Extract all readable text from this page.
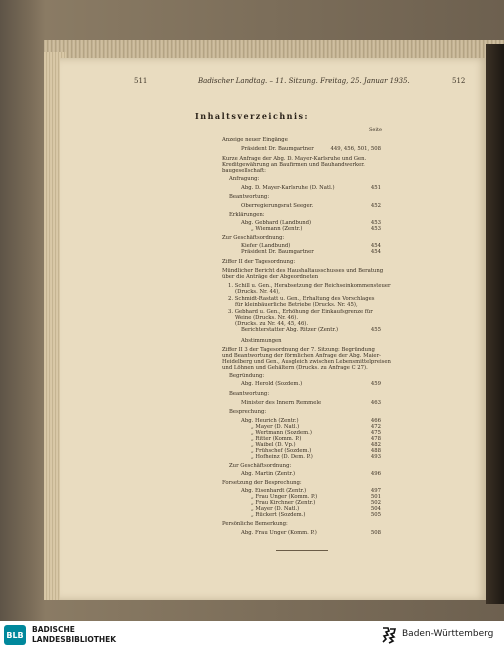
511	Badischer Landtag. – 11. Sitzung. Freitag, 25. Januar 1935.	512
Inhaltsverzeichnis:
Seite
Anzeige neuer Eingänge
Präsident Dr. Baumgartner	449, 456, 501, 508
Kurze Anfrage der Abg. D. Mayer-Karlsruhe und Gen.
Kreditgewährung an Baufirmen und Bauhandwerker.
baugesellschaft:
Anfragung:
Abg. D. Mayer-Karlsruhe (D. Natl.)	451
Beantwortung:
Oberregierungsrat Seeger.	452
Erklärungen:
Abg. Gebhard (Landbund)	453
„ Wiemann (Zentr.)	453
Zur Geschäftsordnung:
Kiefer (Landbund)	454
Präsident Dr. Baumgartner	454
Ziffer II der Tagesordnung:
Mündlicher Bericht des Haushaltausschusses und Beratung
über die Anträge der Abgeordneten
1. Schill u. Gen., Herabsetzung der Reichseinkommensteuer
(Drucks. Nr. 44),
2. Schmidt-Rastatt u. Gen., Erhaltung des Vorschlages
für kleinbäuerliche Betriebe (Drucks. Nr. 45),
3. Gebhard u. Gen., Erhöhung der Einkaufsgrenze für
Weine (Drucks. Nr. 46).
(Drucks. zu Nr. 44, 45, 46).
Berichterstatter Abg. Ritzer (Zentr.)	455
Abstimmungen
Ziffer II 3 der Tagesordnung der 7. Sitzung: Begründung
und Beantwortung der förmlichen Anfrage der Abg. Maier-
Heidelberg und Gen., Ausgleich zwischen Lebensmittelpreisen
und Löhnen und Gehältern (Drucks. zu Anfrage C 27).
Begründung:
Abg. Herold (Sozdem.)	459
Beantwortung:
Minister des Innern Remmele	463
Besprechung:
Abg. Heurich (Zentr.)	466
„ Mayer (D. Natl.)	472
„ Wertmann (Sozdem.)	475
„ Ritter (Komm. P.)	478
„ Waibel (D. Vp.)	482
„ Frühschef (Sozdem.)	488
„ Hofheinz (D. Dem. P.)	493
Zur Geschäftsordnung:
Abg. Martin (Zentr.)	496
Forsetzung der Besprechung:
Abg. Eisenhardt (Zentr.)	497
„ Frau Unger (Komm. P.)	501
„ Frau Kirchner (Zentr.)	502
„ Mayer (D. Natl.)	504
„ Rückert (Sozdem.)	505
Persönliche Bemerkung:
Abg. Frau Unger (Komm. P.)	508
BLB
BADISCHE
LANDESBIBLIOTHEK
Baden-Württemberg
